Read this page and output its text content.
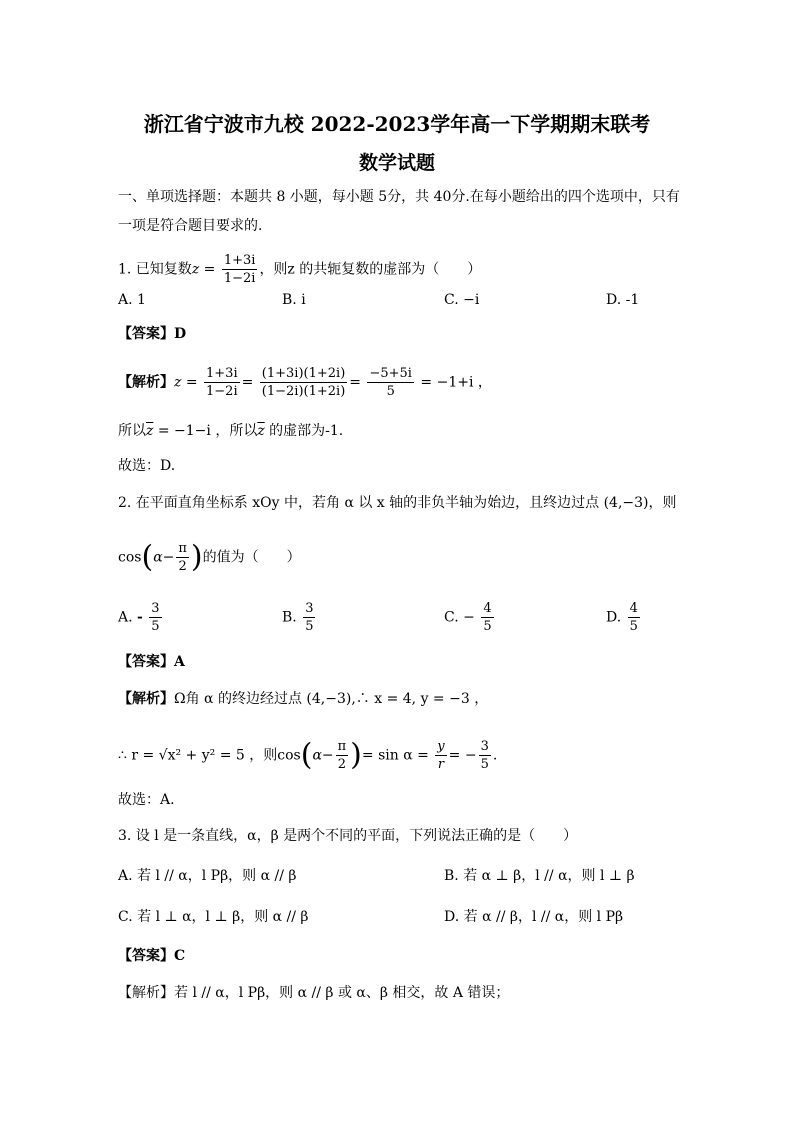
浙江省宁波市九校 2022-2023学年高一下学期期末联考
数学试题
一、单项选择题：本题共 8 小题，每小题 5分，共 40分.在每小题给出的四个选项中，只有
一项是符合题目要求的.
1. 已知复数$z = \frac{1+3i}{1-2i}$ ，则z 的共轭复数的虚部为（　　）
A. 1	B. i	C. −i	D. -1
【答案】D
【解析】$z = \frac{1+3i}{1-2i} = \frac{(1+3i)(1+2i)}{(1-2i)(1+2i)} = \frac{-5+5i}{5} = -1+i$ ，
所以$\overline{z} = -1-i$ ，所以$\overline{z}$ 的虚部为-1.
故选：D.
2. 在平面直角坐标系 xOy 中，若角 α 以 x 轴的非负半轴为始边，且终边过点 (4,−3)，则
$\cos(\alpha- \frac{\pi}{2}$ )的值为（　　）
A. - $\frac{3}{5}$	B. $\frac{3}{5}$	C. − $\frac{4}{5}$	D. $\frac{4}{5}$
【答案】A
【解析】Ω角 α 的终边经过点 (4,−3),∴ x = 4, y = −3 ，
∴ r = √x² + y² = 5 ，则$\cos(\alpha- \frac{\pi}{2}$ )= $\sin \alpha = \frac{y}{r}$ = − $\frac{3}{5}$ .
故选：A.
3. 设 l 是一条直线，α，β 是两个不同的平面，下列说法正确的是（　　）
A. 若 l // α，l Pβ，则 α // β	B. 若 α ⊥ β，l // α，则 l ⊥ β
C. 若 l ⊥ α，l ⊥ β，则 α // β	D. 若 α // β，l // α，则 l Pβ
【答案】C
【解析】若 l // α，l Pβ，则 α // β 或 α、β 相交，故 A 错误；
